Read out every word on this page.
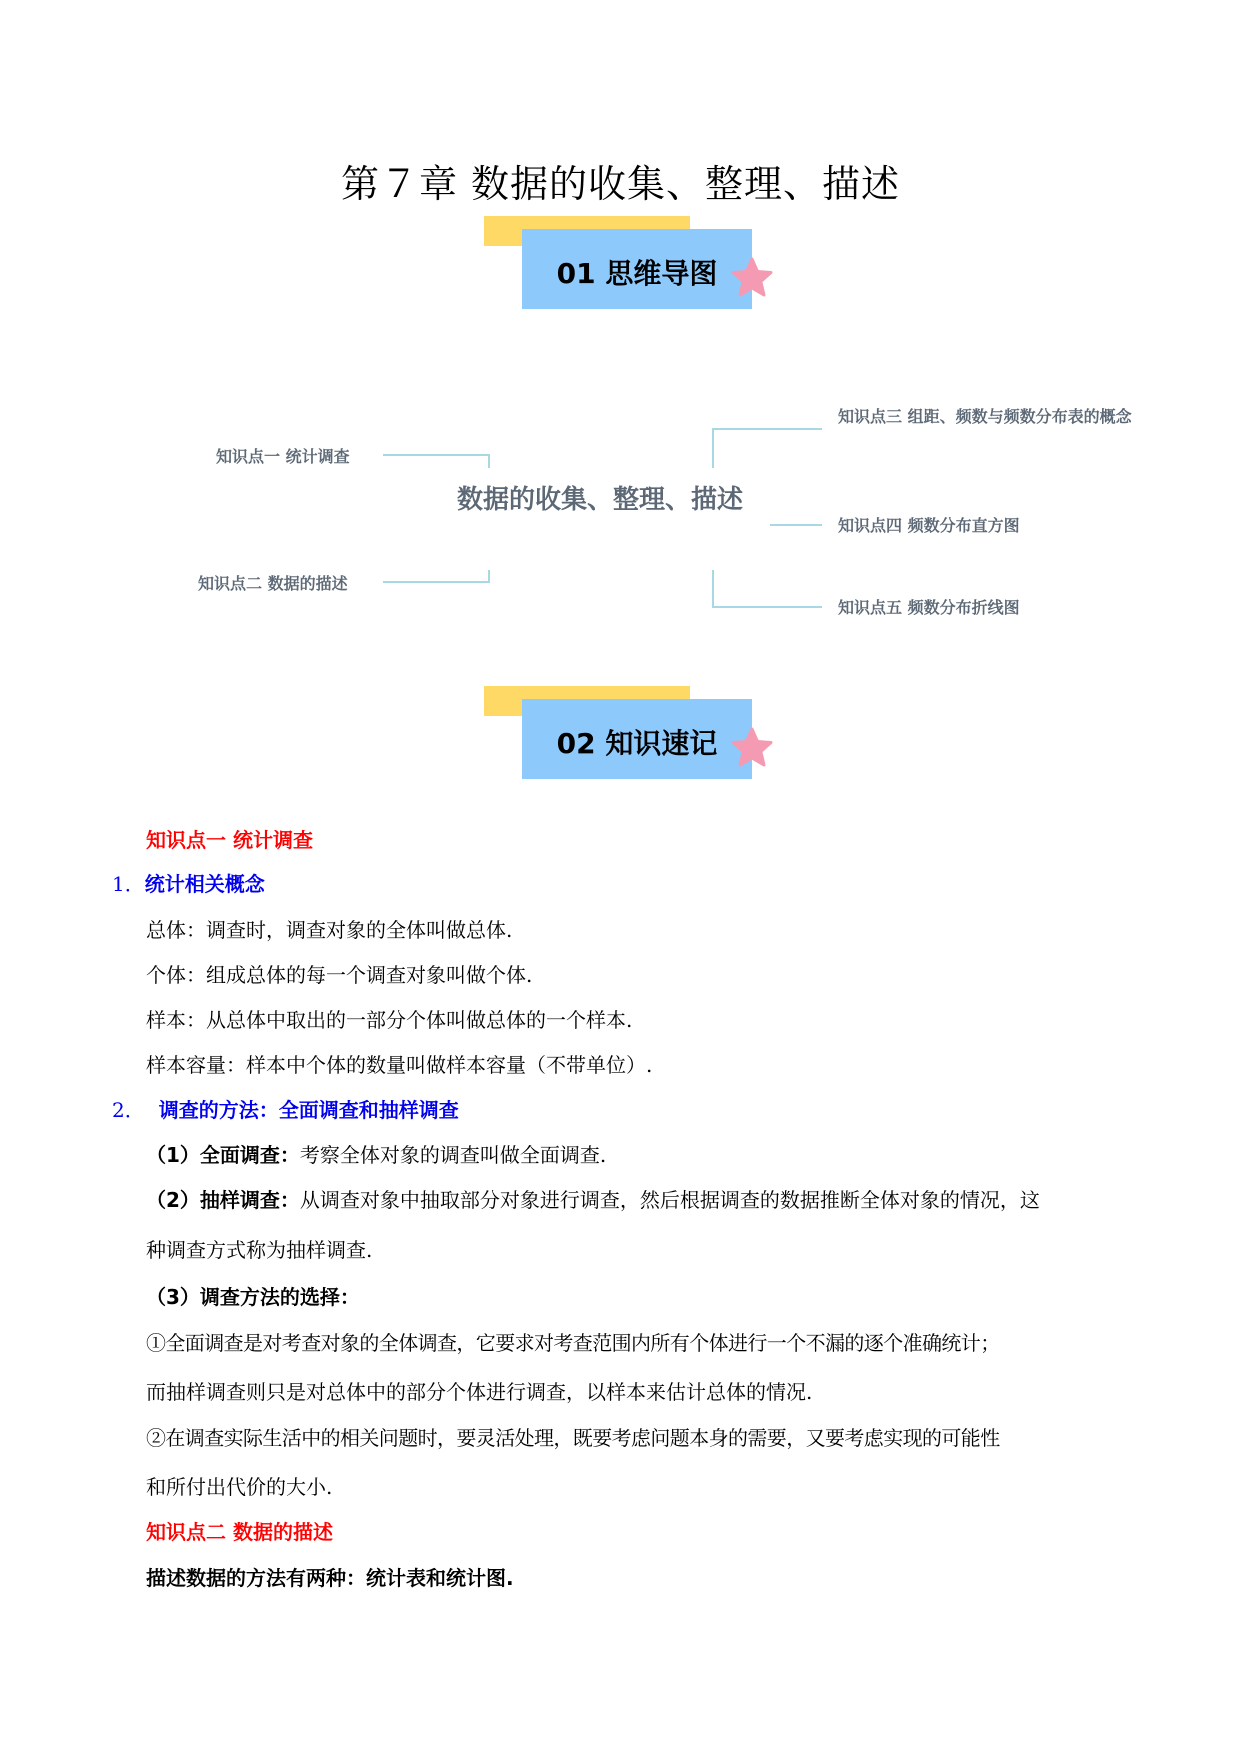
第７章 数据的收集、整理、描述
01 思维导图
知识点一 统计调查
知识点二 数据的描述
数据的收集、整理、描述
知识点三 组距、频数与频数分布表的概念
知识点四 频数分布直方图
知识点五 频数分布折线图
02 知识速记
知识点一 统计调查
1．统计相关概念
总体：调查时，调查对象的全体叫做总体.
个体：组成总体的每一个调查对象叫做个体.
样本：从总体中取出的一部分个体叫做总体的一个样本.
样本容量：样本中个体的数量叫做样本容量（不带单位）.
2． 调查的方法：全面调查和抽样调查
（1）全面调查：考察全体对象的调查叫做全面调查.
（2）抽样调查：从调查对象中抽取部分对象进行调查，然后根据调查的数据推断全体对象的情况，这
种调查方式称为抽样调查.
（3）调查方法的选择：
①全面调查是对考查对象的全体调查，它要求对考查范围内所有个体进行一个不漏的逐个准确统计；
而抽样调查则只是对总体中的部分个体进行调查，以样本来估计总体的情况.
②在调查实际生活中的相关问题时，要灵活处理，既要考虑问题本身的需要，又要考虑实现的可能性
和所付出代价的大小.
知识点二 数据的描述
描述数据的方法有两种：统计表和统计图.
